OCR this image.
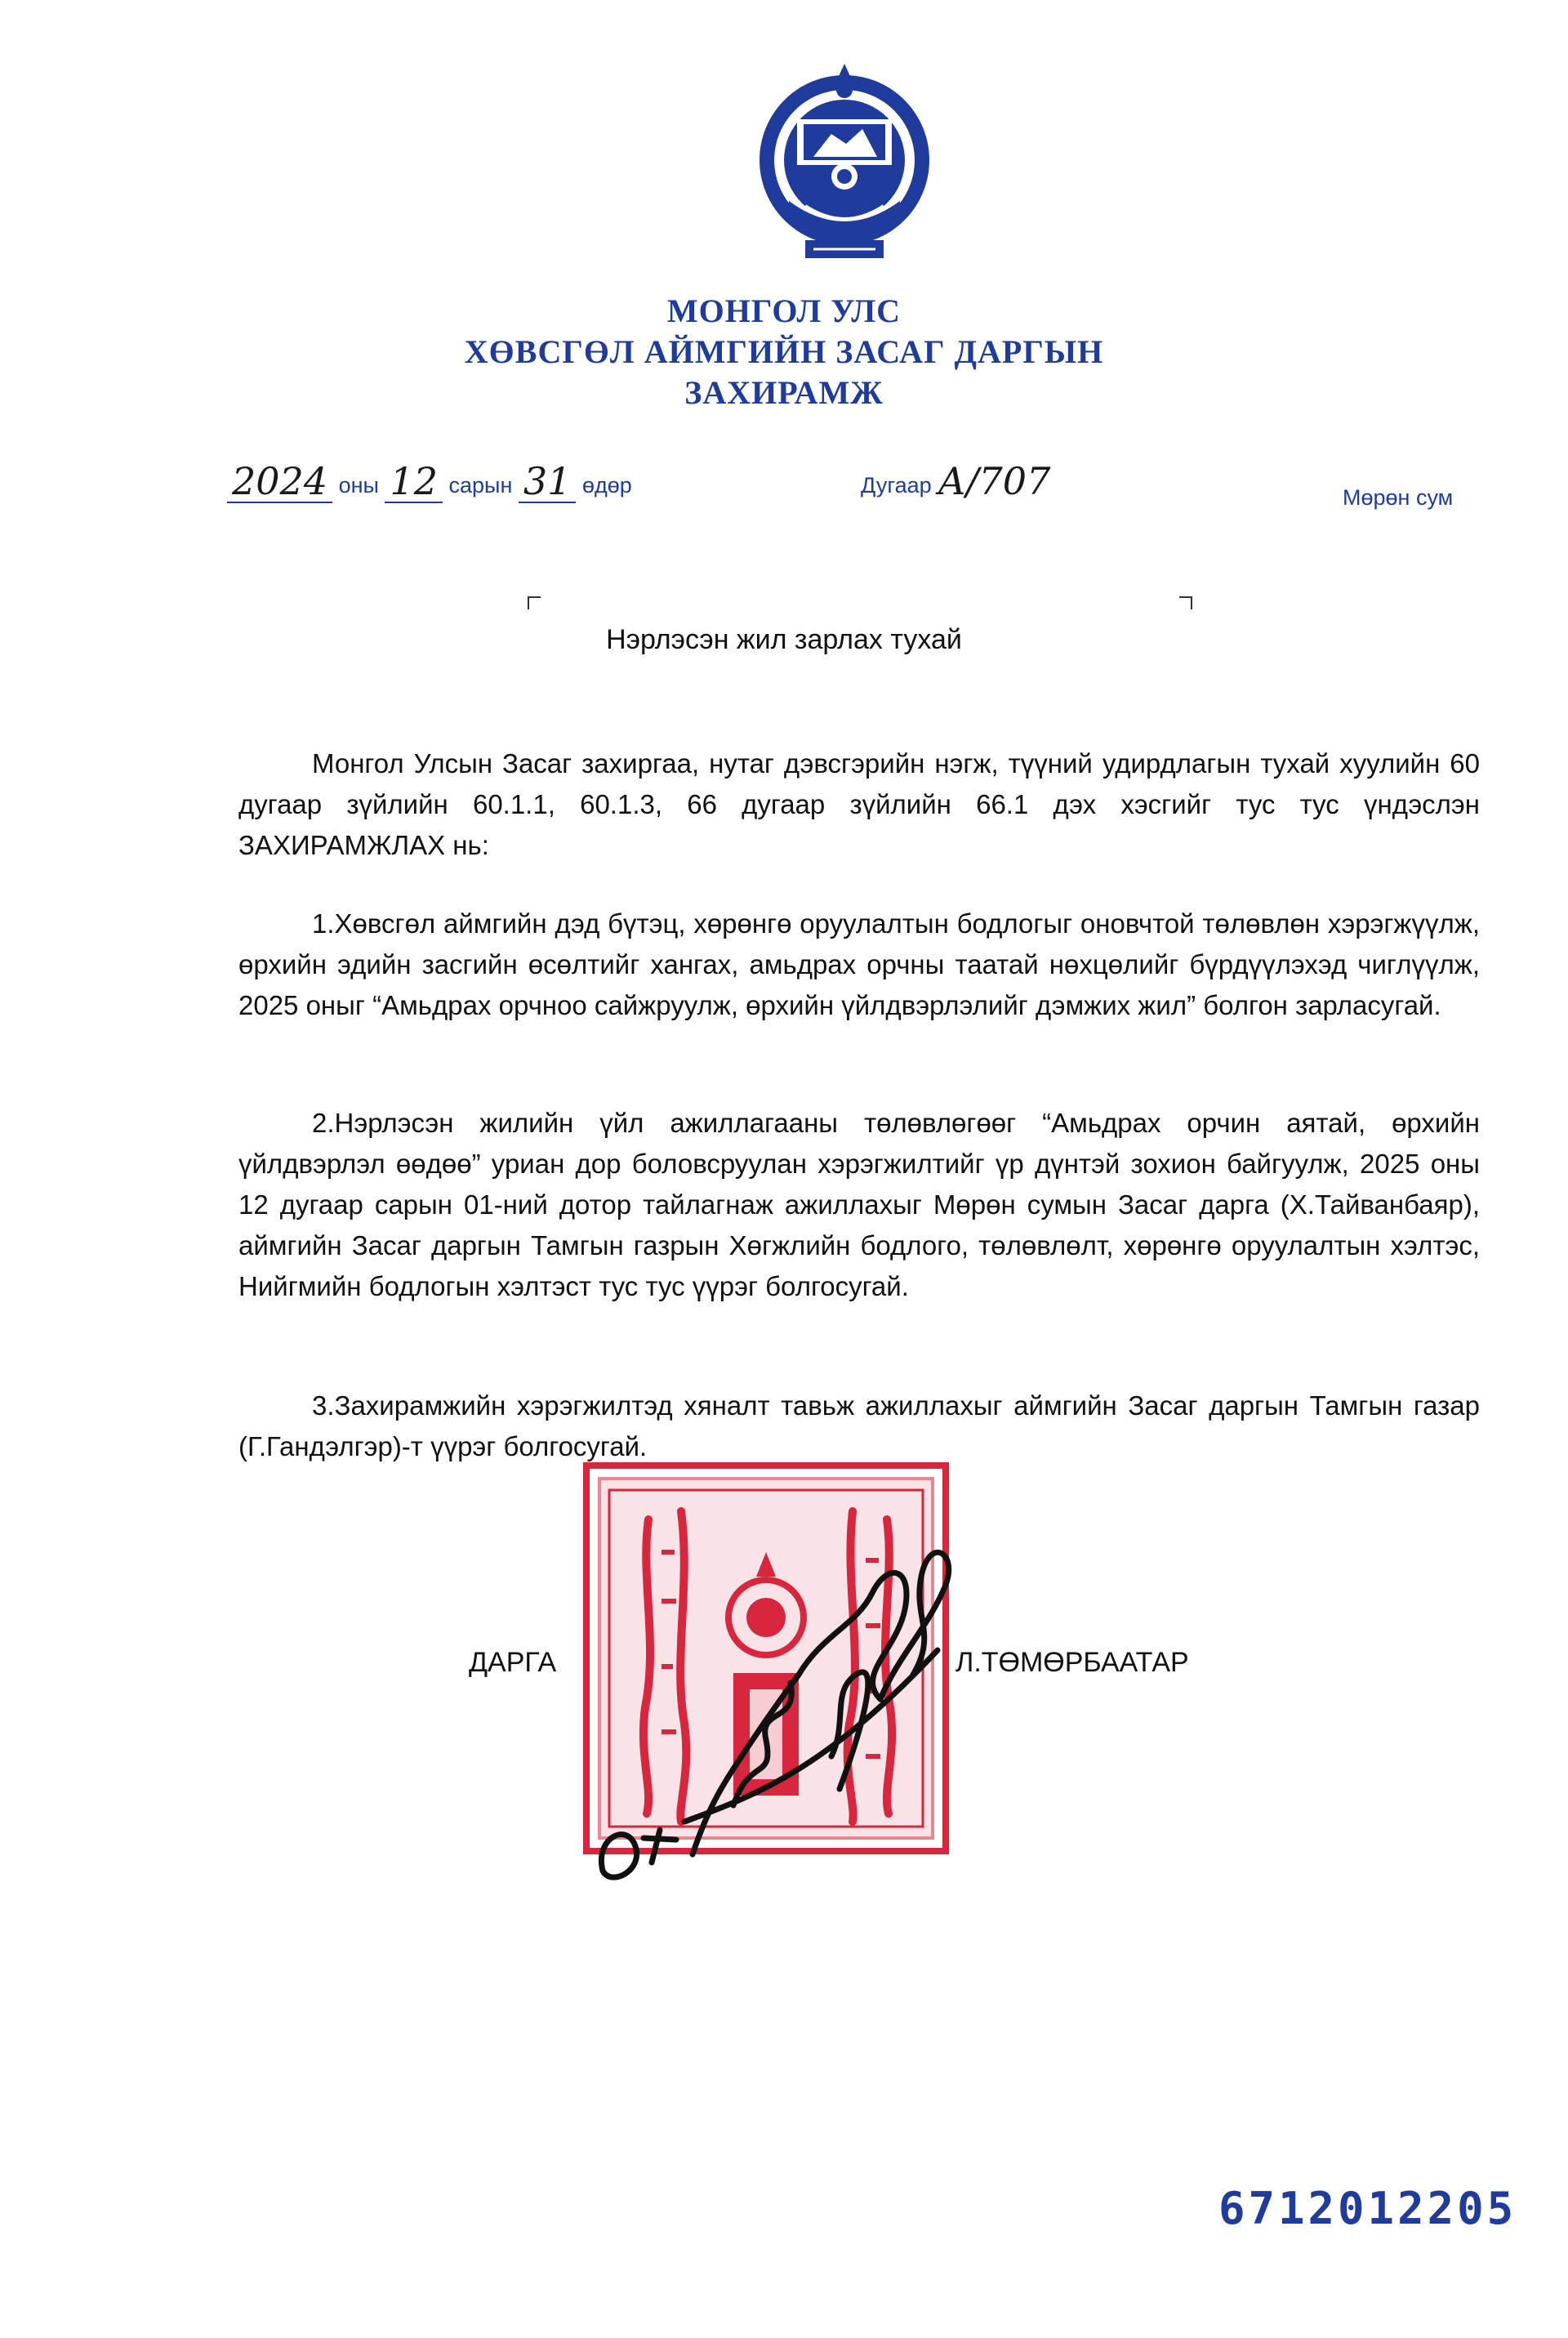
МОНГОЛ УЛС
ХӨВСГӨЛ АЙМГИЙН ЗАСАГ ДАРГЫН
ЗАХИРАМЖ
2024 оны 12 сарын 31 өдөр	Дугаар А/707	Мөрөн сум
Нэрлэсэн жил зарлах тухай
Монгол Улсын Засаг захиргаа, нутаг дэвсгэрийн нэгж, түүний удирдлагын тухай хуулийн 60 дугаар зүйлийн 60.1.1, 60.1.3, 66 дугаар зүйлийн 66.1 дэх хэсгийг тус тус үндэслэн ЗАХИРАМЖЛАХ нь:
1.Хөвсгөл аймгийн дэд бүтэц, хөрөнгө оруулалтын бодлогыг оновчтой төлөвлөн хэрэгжүүлж, өрхийн эдийн засгийн өсөлтийг хангах, амьдрах орчны таатай нөхцөлийг бүрдүүлэхэд чиглүүлж, 2025 оныг “Амьдрах орчноо сайжруулж, өрхийн үйлдвэрлэлийг дэмжих жил” болгон зарласугай.
2.Нэрлэсэн жилийн үйл ажиллагааны төлөвлөгөөг “Амьдрах орчин аятай, өрхийн үйлдвэрлэл өөдөө” уриан дор боловсруулан хэрэгжилтийг үр дүнтэй зохион байгуулж, 2025 оны 12 дугаар сарын 01-ний дотор тайлагнаж ажиллахыг Мөрөн сумын Засаг дарга (Х.Тайванбаяр), аймгийн Засаг даргын Тамгын газрын Хөгжлийн бодлого, төлөвлөлт, хөрөнгө оруулалтын хэлтэс, Нийгмийн бодлогын хэлтэст тус тус үүрэг болгосугай.
3.Захирамжийн хэрэгжилтэд хяналт тавьж ажиллахыг аймгийн Засаг даргын Тамгын газар (Г.Гандэлгэр)-т үүрэг болгосугай.
ДАРГА	Л.ТӨМӨРБААТАР
6712012205
